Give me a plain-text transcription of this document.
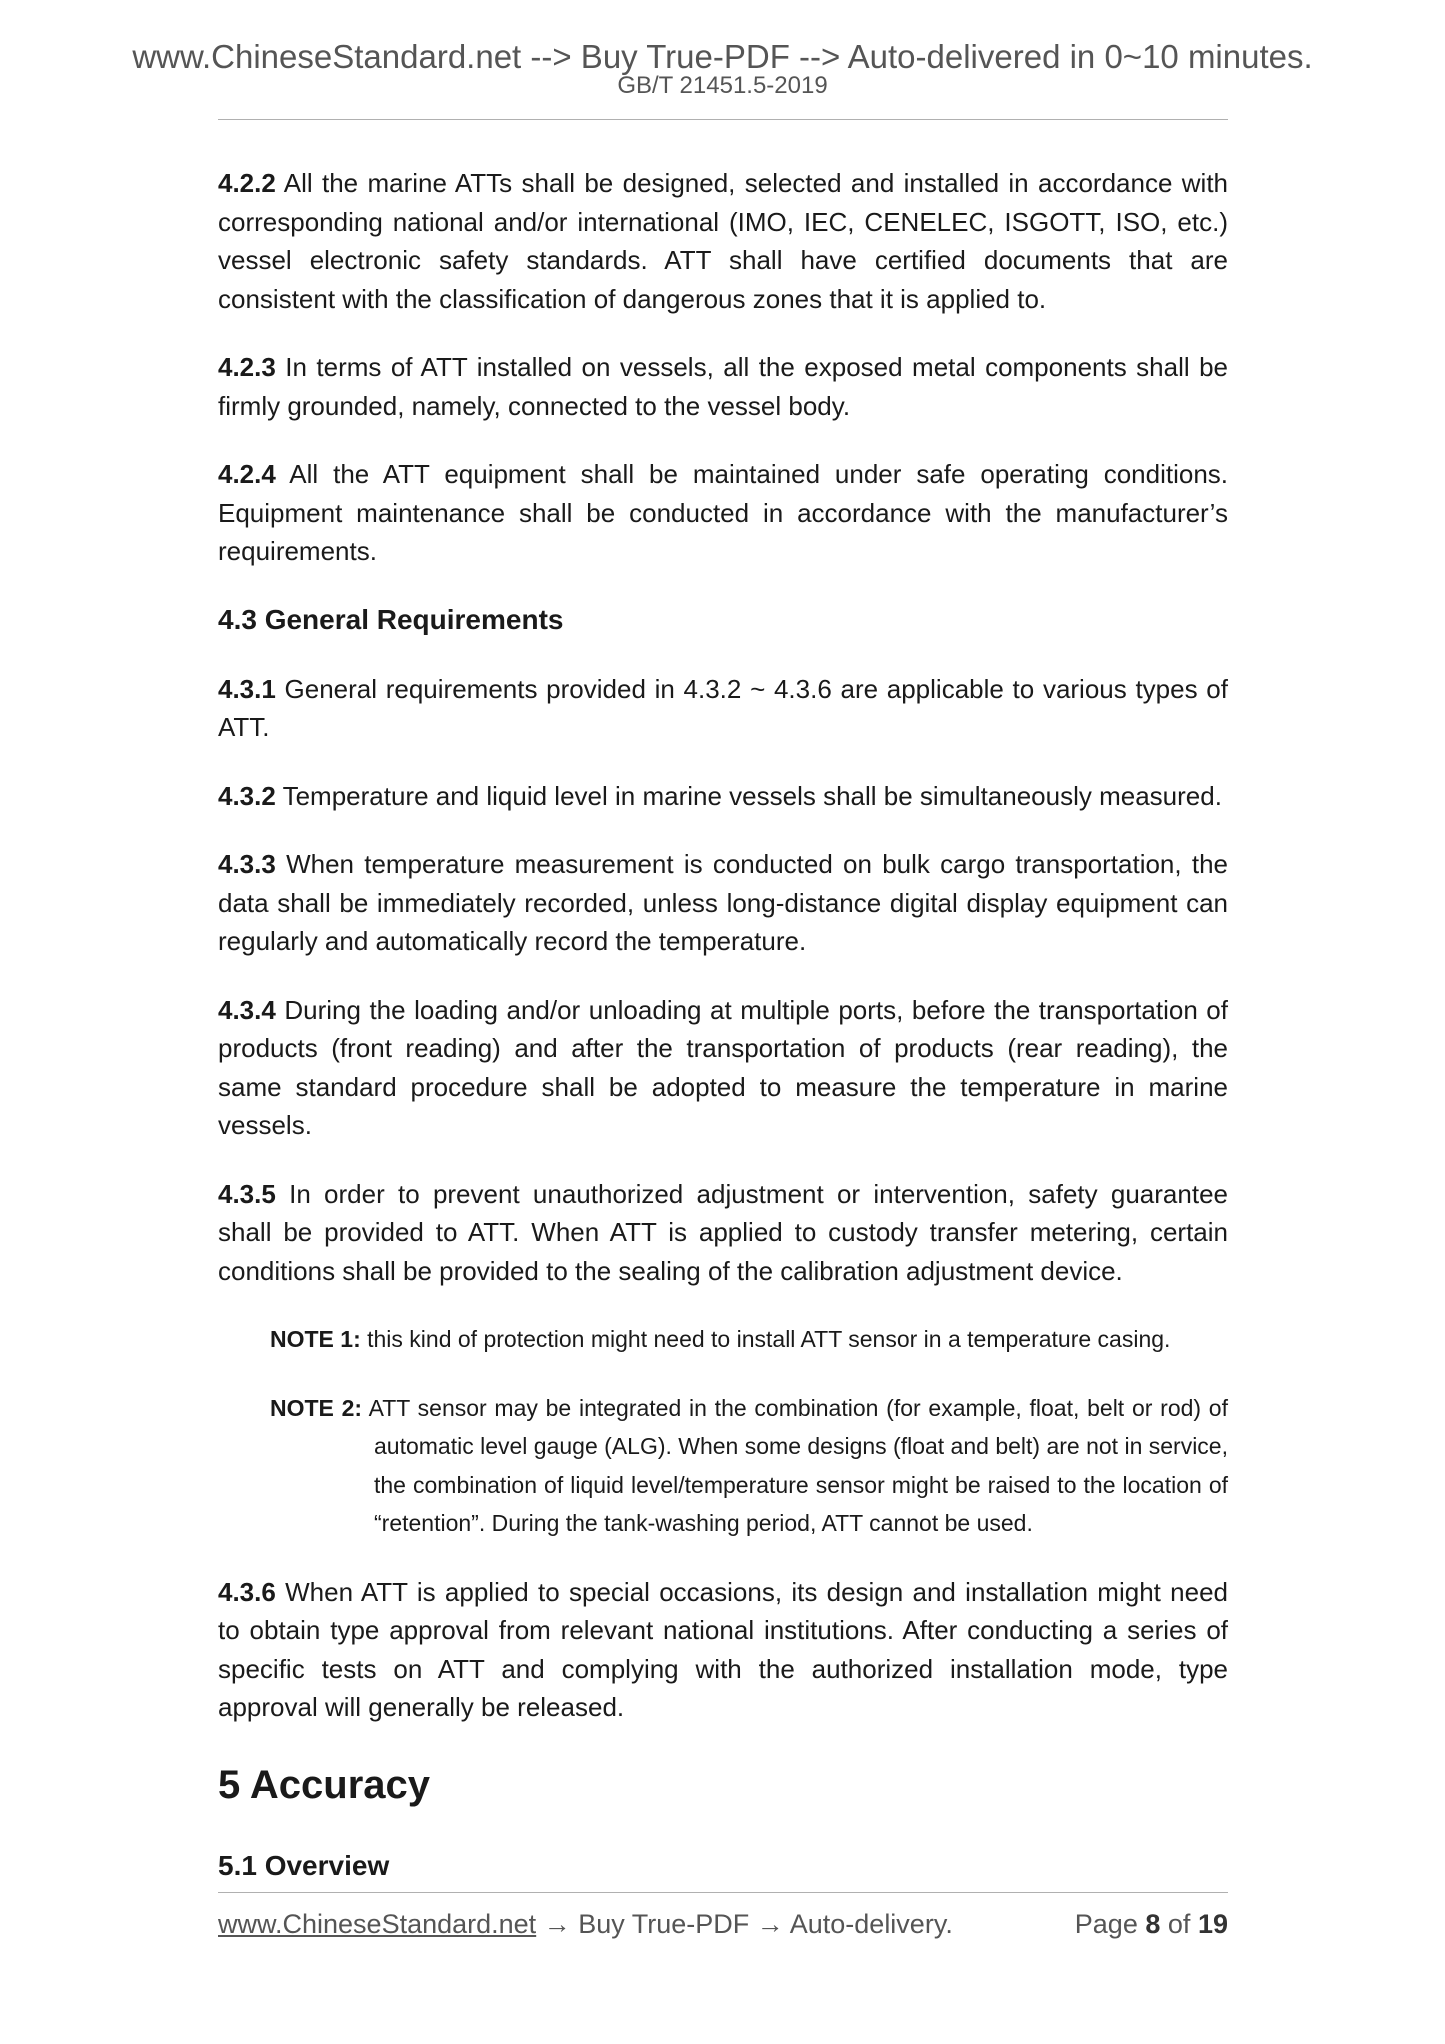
www.ChineseStandard.net --> Buy True-PDF --> Auto-delivered in 0~10 minutes.
GB/T 21451.5-2019

4.2.2 All the marine ATTs shall be designed, selected and installed in accordance with corresponding national and/or international (IMO, IEC, CENELEC, ISGOTT, ISO, etc.) vessel electronic safety standards. ATT shall have certified documents that are consistent with the classification of dangerous zones that it is applied to.

4.2.3 In terms of ATT installed on vessels, all the exposed metal components shall be firmly grounded, namely, connected to the vessel body.

4.2.4 All the ATT equipment shall be maintained under safe operating conditions. Equipment maintenance shall be conducted in accordance with the manufacturer’s requirements.

4.3 General Requirements

4.3.1 General requirements provided in 4.3.2 ~ 4.3.6 are applicable to various types of ATT.

4.3.2 Temperature and liquid level in marine vessels shall be simultaneously measured.

4.3.3 When temperature measurement is conducted on bulk cargo transportation, the data shall be immediately recorded, unless long-distance digital display equipment can regularly and automatically record the temperature.

4.3.4 During the loading and/or unloading at multiple ports, before the transportation of products (front reading) and after the transportation of products (rear reading), the same standard procedure shall be adopted to measure the temperature in marine vessels.

4.3.5 In order to prevent unauthorized adjustment or intervention, safety guarantee shall be provided to ATT. When ATT is applied to custody transfer metering, certain conditions shall be provided to the sealing of the calibration adjustment device.

NOTE 1: this kind of protection might need to install ATT sensor in a temperature casing.
NOTE 2: ATT sensor may be integrated in the combination (for example, float, belt or rod) of automatic level gauge (ALG). When some designs (float and belt) are not in service, the combination of liquid level/temperature sensor might be raised to the location of “retention”. During the tank-washing period, ATT cannot be used.

4.3.6 When ATT is applied to special occasions, its design and installation might need to obtain type approval from relevant national institutions. After conducting a series of specific tests on ATT and complying with the authorized installation mode, type approval will generally be released.

5 Accuracy
5.1 Overview
www.ChineseStandard.net → Buy True-PDF → Auto-delivery.	Page 8 of 19
